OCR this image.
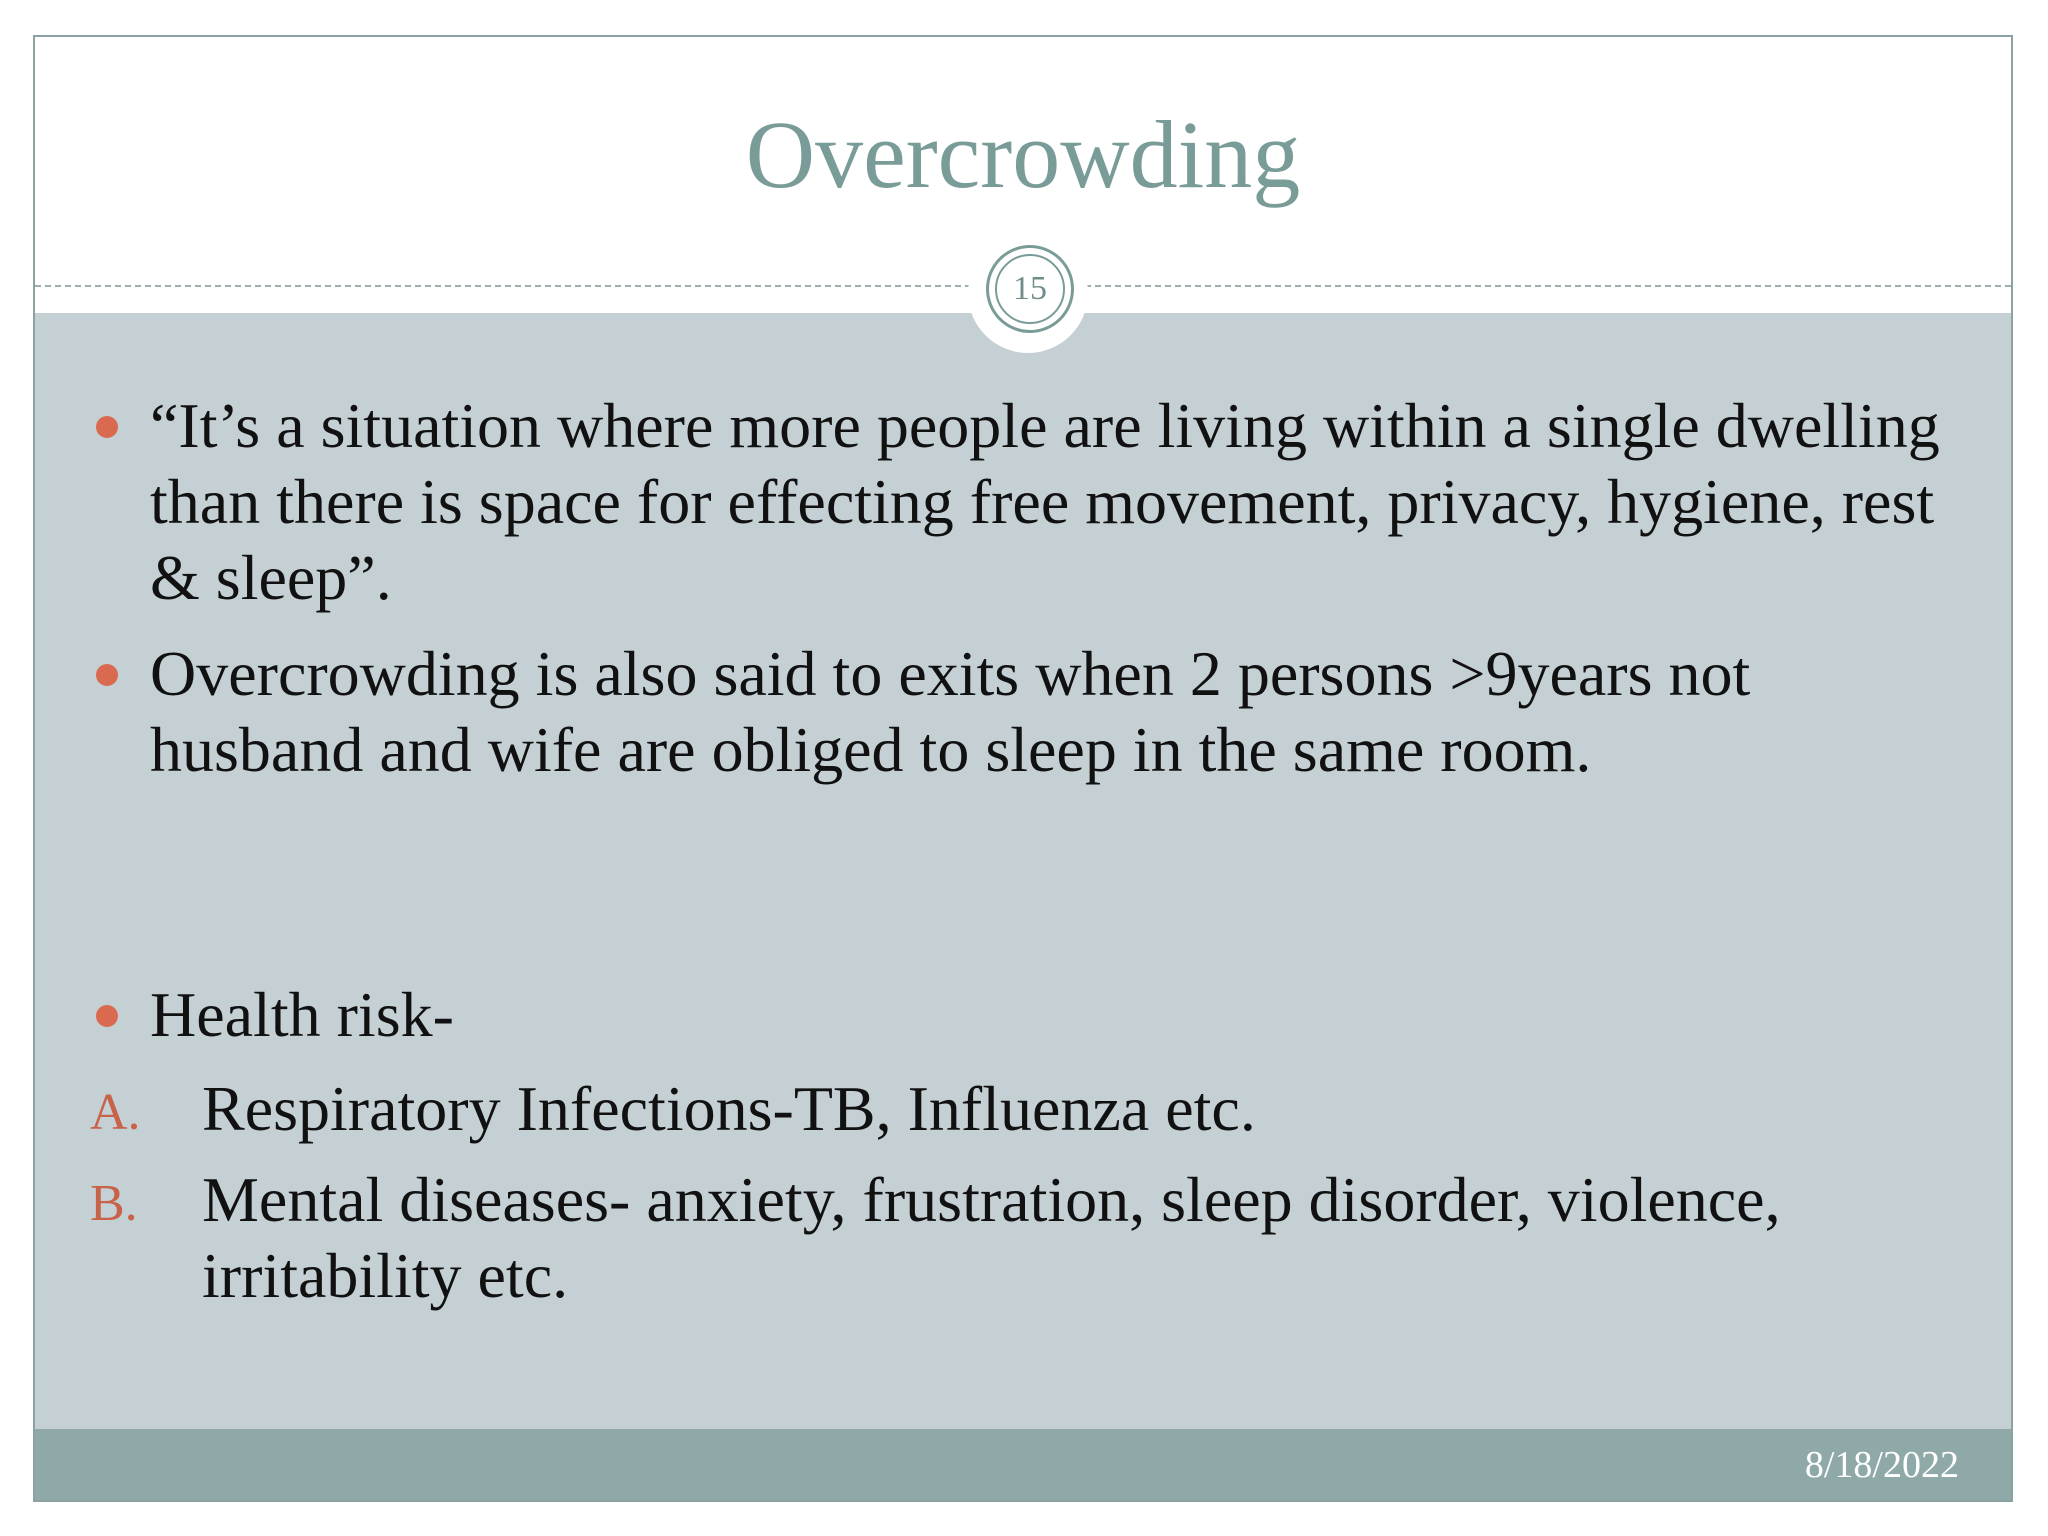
Overcrowding
“It’s a situation where more people are living within a single dwelling than there is space for effecting free movement, privacy, hygiene, rest & sleep”.
Overcrowding is also said to exits when 2 persons >9years not husband and wife are obliged to sleep in the same room.
Health risk-
A. Respiratory Infections-TB, Influenza etc.
B. Mental diseases- anxiety, frustration, sleep disorder, violence, irritability etc.
15
8/18/2022
